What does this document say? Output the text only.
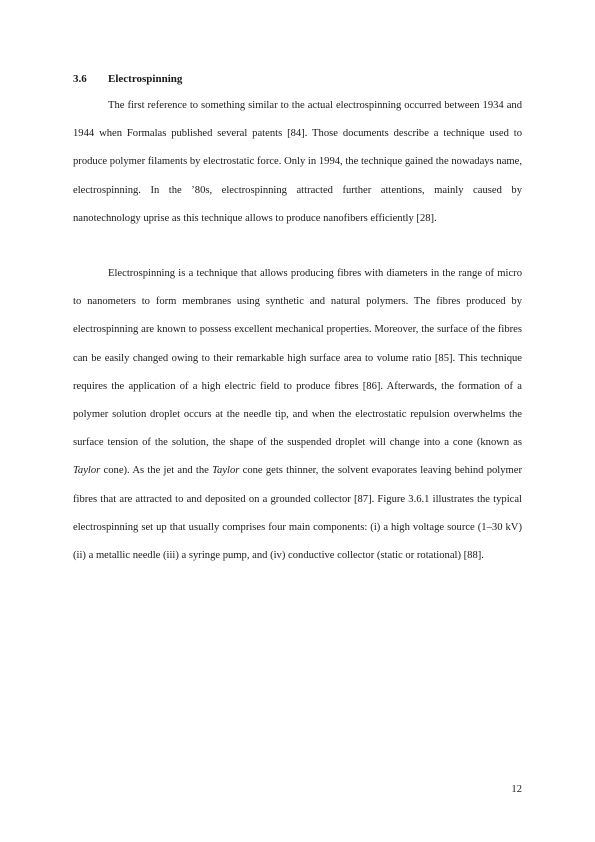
3.6 Electrospinning

The first reference to something similar to the actual electrospinning occurred between 1934 and 1944 when Formalas published several patents [84]. Those documents describe a technique used to produce polymer filaments by electrostatic force. Only in 1994, the technique gained the nowadays name, electrospinning. In the ’80s, electrospinning attracted further attentions, mainly caused by nanotechnology uprise as this technique allows to produce nanofibers efficiently [28].

Electrospinning is a technique that allows producing fibres with diameters in the range of micro to nanometers to form membranes using synthetic and natural polymers. The fibres produced by electrospinning are known to possess excellent mechanical properties. Moreover, the surface of the fibres can be easily changed owing to their remarkable high surface area to volume ratio [85]. This technique requires the application of a high electric field to produce fibres [86]. Afterwards, the formation of a polymer solution droplet occurs at the needle tip, and when the electrostatic repulsion overwhelms the surface tension of the solution, the shape of the suspended droplet will change into a cone (known as Taylor cone). As the jet and the Taylor cone gets thinner, the solvent evaporates leaving behind polymer fibres that are attracted to and deposited on a grounded collector [87]. Figure 3.6.1 illustrates the typical electrospinning set up that usually comprises four main components: (i) a high voltage source (1–30 kV) (ii) a metallic needle (iii) a syringe pump, and (iv) conductive collector (static or rotational) [88].

12
